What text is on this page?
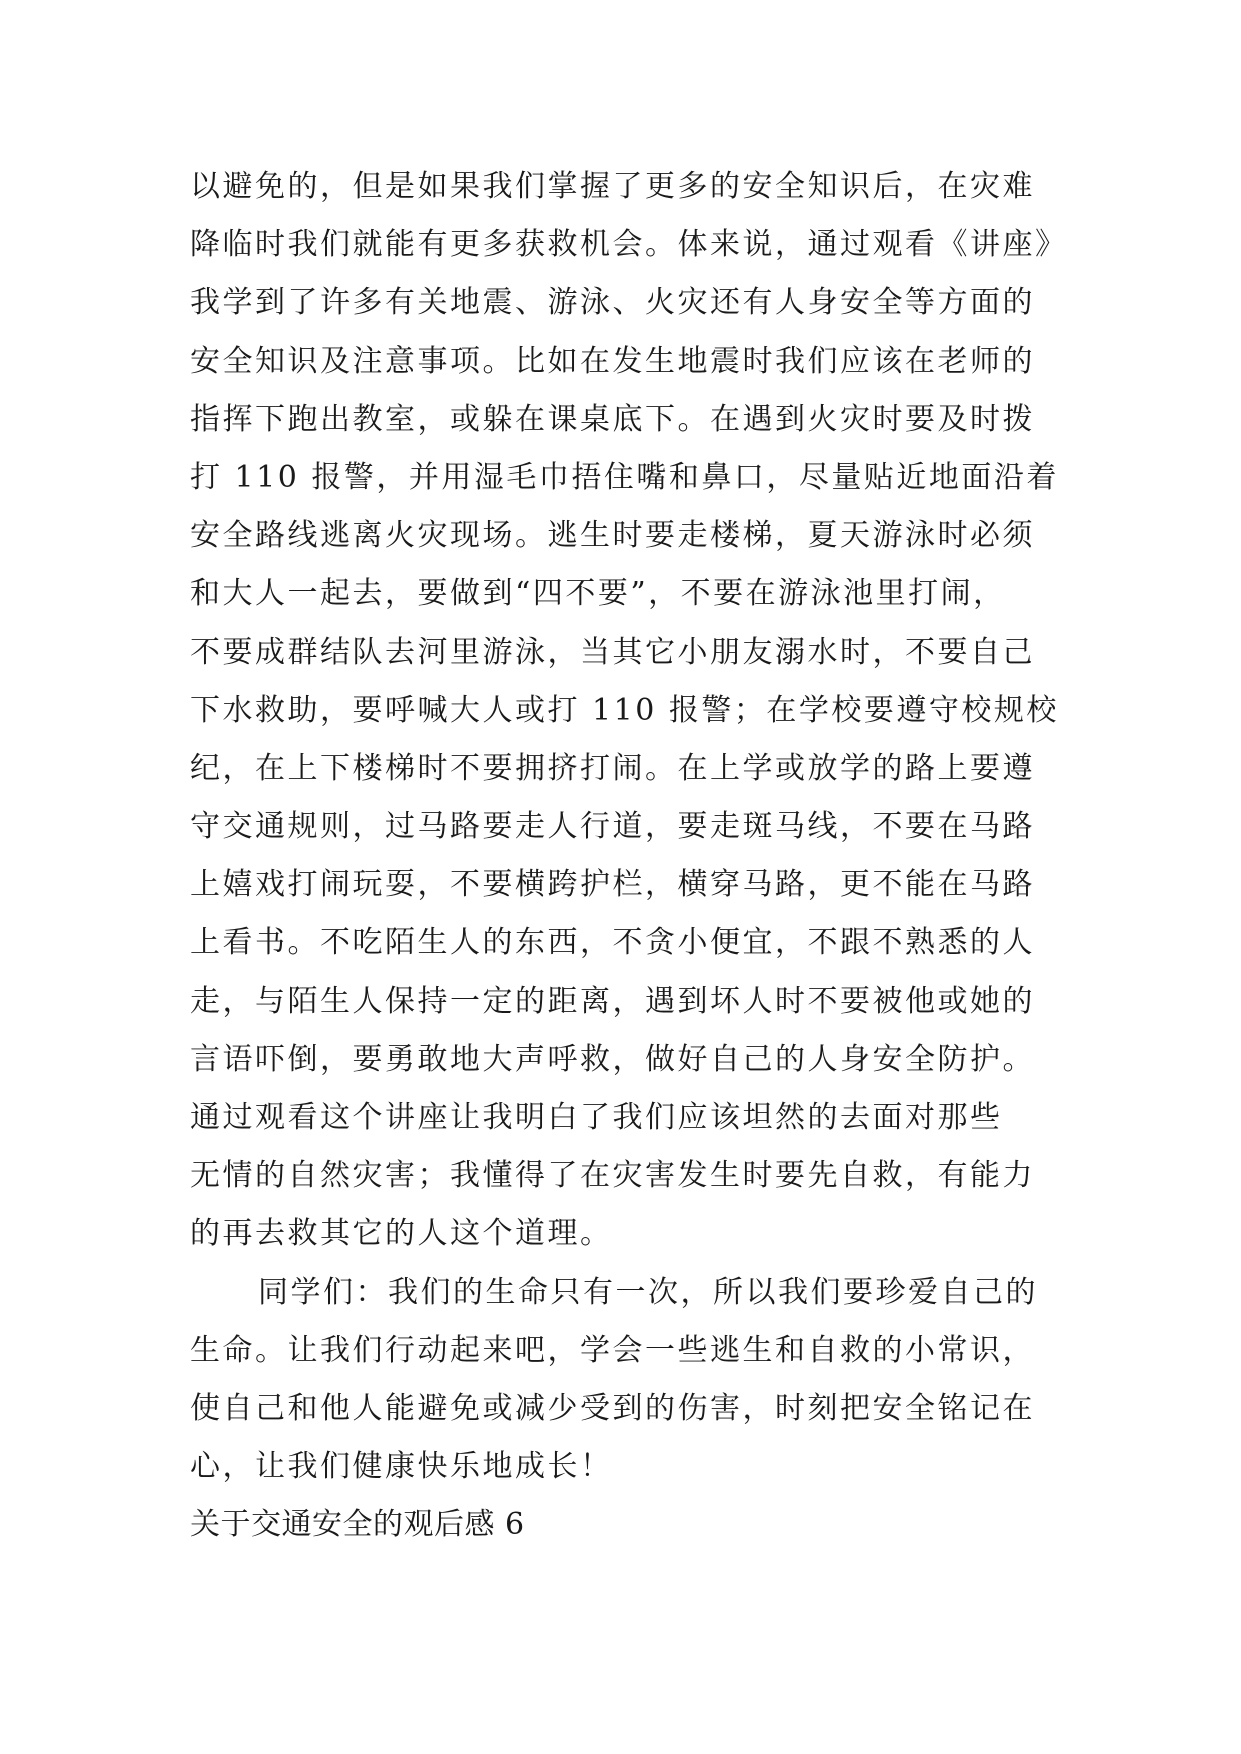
以避免的，但是如果我们掌握了更多的安全知识后，在灾难
降临时我们就能有更多获救机会。体来说，通过观看《讲座》
我学到了许多有关地震、游泳、火灾还有人身安全等方面的
安全知识及注意事项。比如在发生地震时我们应该在老师的
指挥下跑出教室，或躲在课桌底下。在遇到火灾时要及时拨
打 110 报警，并用湿毛巾捂住嘴和鼻口，尽量贴近地面沿着
安全路线逃离火灾现场。逃生时要走楼梯，夏天游泳时必须
和大人一起去，要做到“四不要”，不要在游泳池里打闹，
不要成群结队去河里游泳，当其它小朋友溺水时，不要自己
下水救助，要呼喊大人或打 110 报警；在学校要遵守校规校
纪，在上下楼梯时不要拥挤打闹。在上学或放学的路上要遵
守交通规则，过马路要走人行道，要走斑马线，不要在马路
上嬉戏打闹玩耍，不要横跨护栏，横穿马路，更不能在马路
上看书。不吃陌生人的东西，不贪小便宜，不跟不熟悉的人
走，与陌生人保持一定的距离，遇到坏人时不要被他或她的
言语吓倒，要勇敢地大声呼救，做好自己的人身安全防护。
通过观看这个讲座让我明白了我们应该坦然的去面对那些
无情的自然灾害；我懂得了在灾害发生时要先自救，有能力
的再去救其它的人这个道理。
同学们：我们的生命只有一次，所以我们要珍爱自己的
生命。让我们行动起来吧，学会一些逃生和自救的小常识，
使自己和他人能避免或减少受到的伤害，时刻把安全铭记在
心，让我们健康快乐地成长！
关于交通安全的观后感 6
